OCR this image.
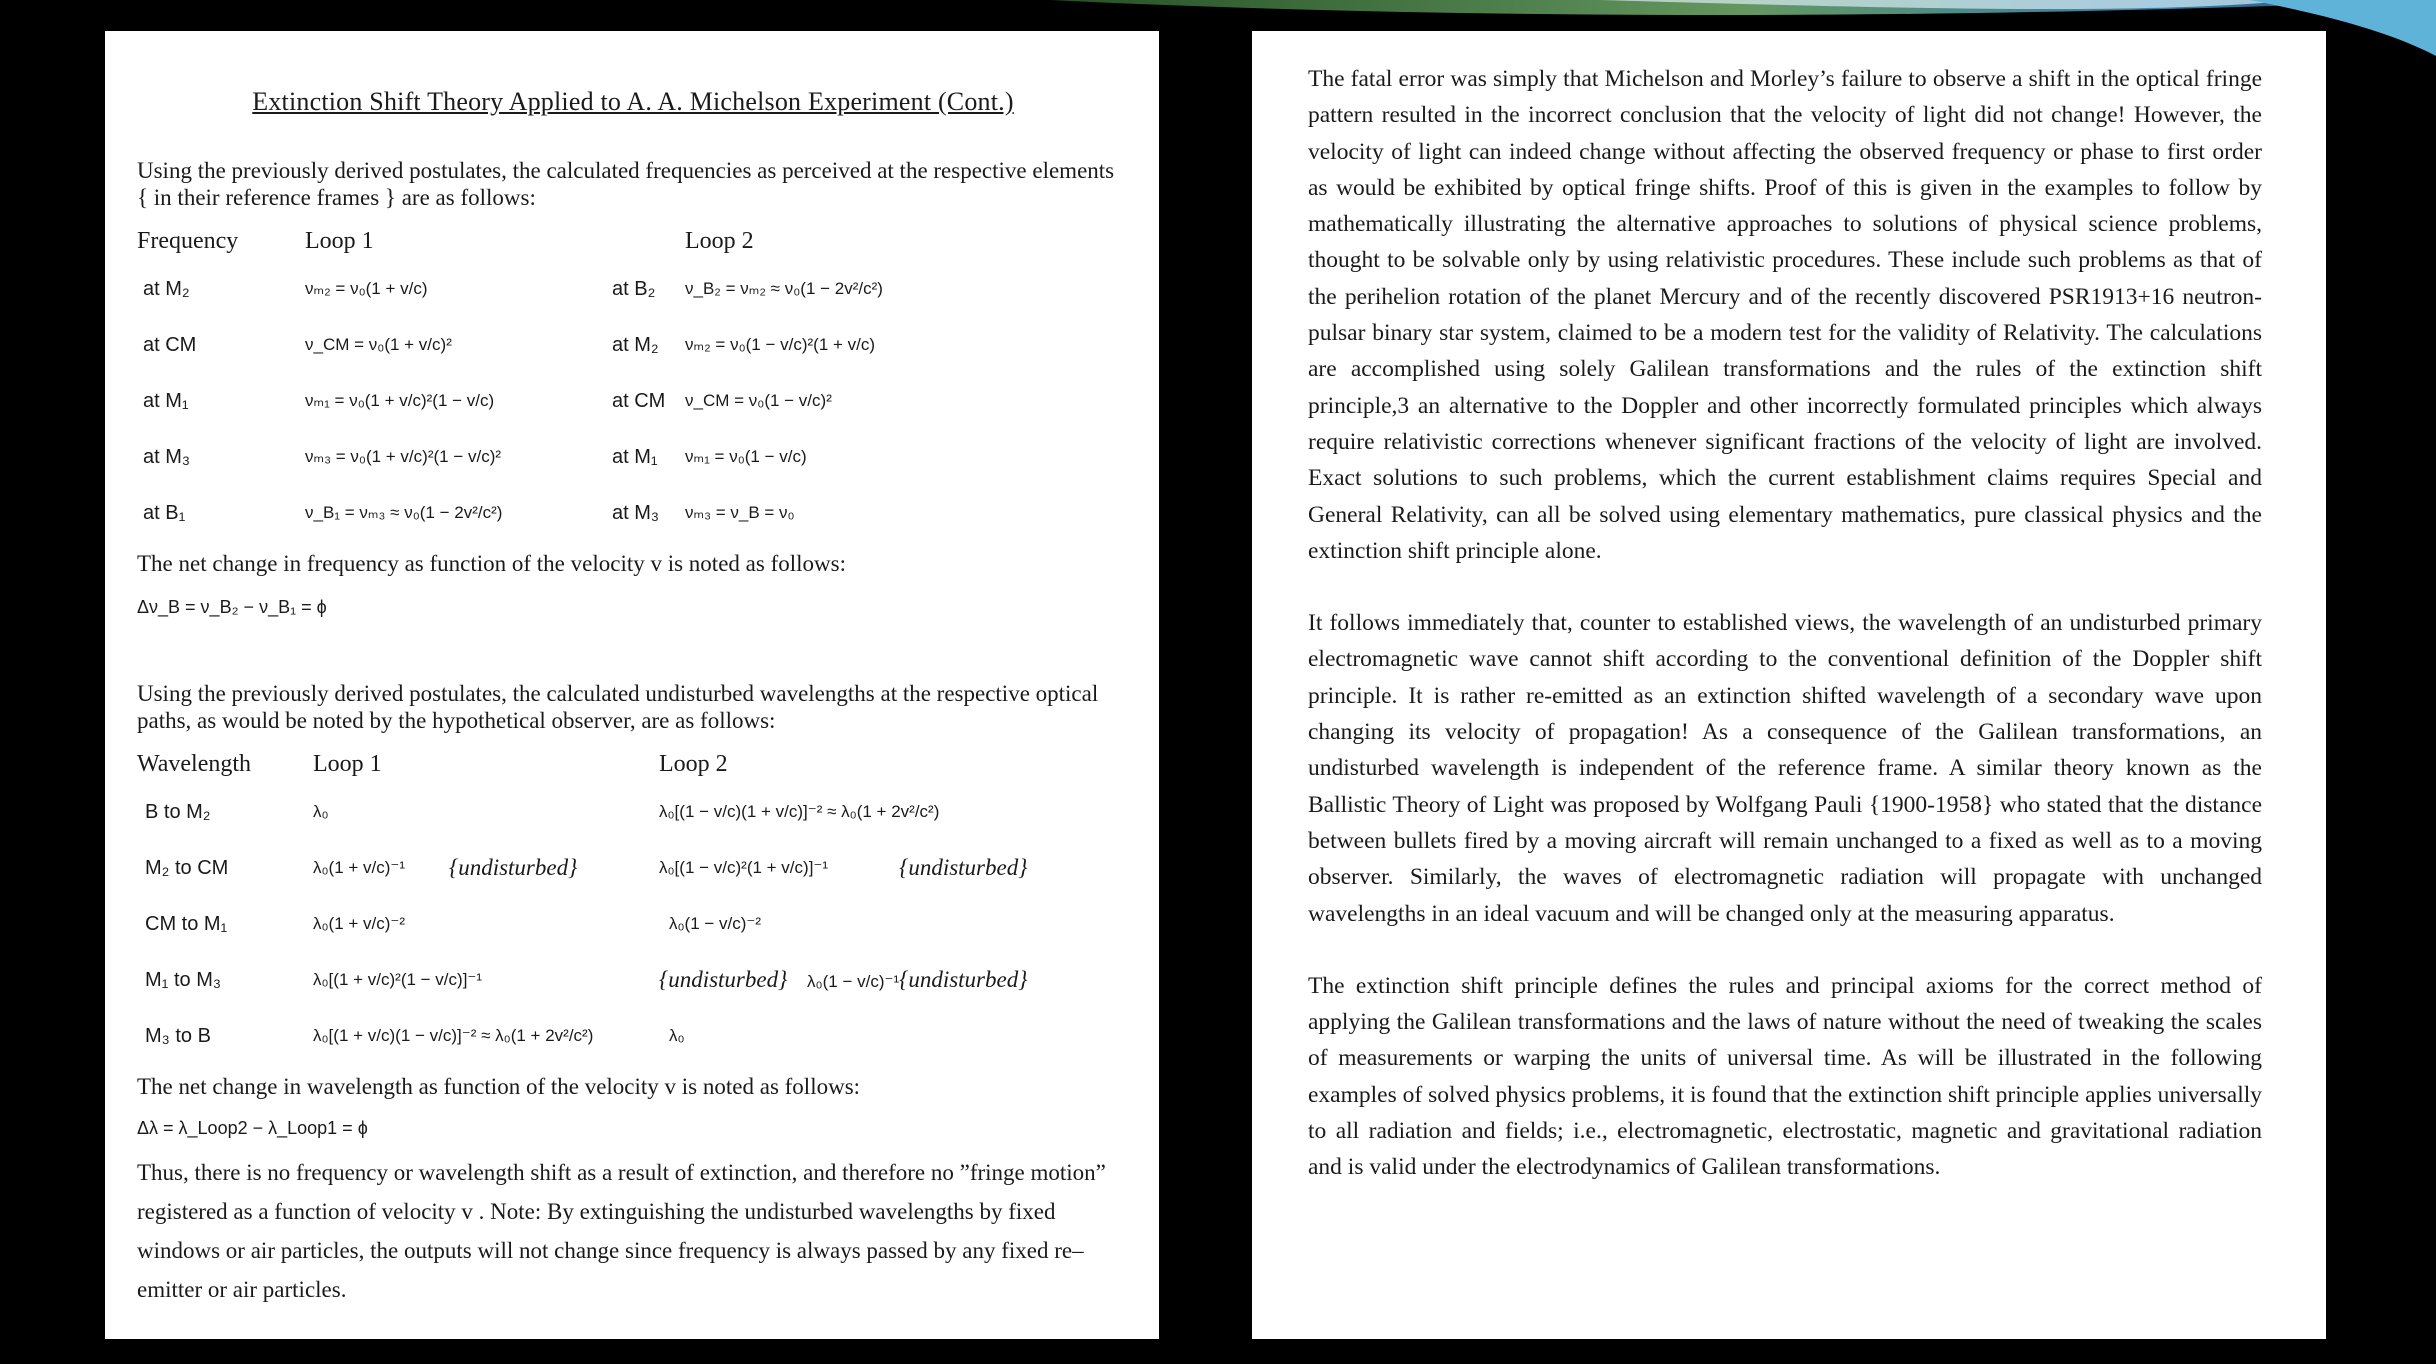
Extinction Shift Theory Applied to A. A. Michelson Experiment (Cont.)

Using the previously derived postulates, the calculated frequencies as perceived at the respective elements { in their reference frames } are as follows:

Frequency	Loop 1		Loop 2
at M₂	νₘ₂ = ν₀(1 + v/c)	at B₂	ν_B₂ = νₘ₂ ≈ ν₀(1 − 2v²/c²)
at CM	ν_CM = ν₀(1 + v/c)²	at M₂	νₘ₂ = ν₀(1 − v/c)²(1 + v/c)
at M₁	νₘ₁ = ν₀(1 + v/c)²(1 − v/c)	at CM	ν_CM = ν₀(1 − v/c)²
at M₃	νₘ₃ = ν₀(1 + v/c)²(1 − v/c)²	at M₁	νₘ₁ = ν₀(1 − v/c)
at B₁	ν_B₁ = νₘ₃ ≈ ν₀(1 − 2v²/c²)	at M₃	νₘ₃ = ν_B = ν₀
The net change in frequency as function of the velocity v is noted as follows:
Δν_B = ν_B₂ − ν_B₁ = ϕ

Using the previously derived postulates, the calculated undisturbed wavelengths at the respective optical paths, as would be noted by the hypothetical observer, are as follows:

Wavelength	Loop 1		Loop 2	
B to M₂	λ₀		λ₀[(1 − v/c)(1 + v/c)]⁻² ≈ λ₀(1 + 2v²/c²)	
M₂ to CM	λ₀(1 + v/c)⁻¹	{undisturbed}	λ₀[(1 − v/c)²(1 + v/c)]⁻¹	{undisturbed}
CM to M₁	λ₀(1 + v/c)⁻²		λ₀(1 − v/c)⁻²	
M₁ to M₃	λ₀[(1 + v/c)²(1 − v/c)]⁻¹		{undisturbed} λ₀(1 − v/c)⁻¹	{undisturbed}
M₃ to B	λ₀[(1 + v/c)(1 − v/c)]⁻² ≈ λ₀(1 + 2v²/c²)		λ₀	
The net change in wavelength as function of the velocity v is noted as follows:
Δλ = λ_Loop2 − λ_Loop1 = ϕ

Thus, there is no frequency or wavelength shift as a result of extinction, and therefore no ”fringe motion” registered as a function of velocity v . Note: By extinguishing the undisturbed wavelengths by fixed windows or air particles, the outputs will not change since frequency is always passed by any fixed re–emitter or air particles.

The fatal error was simply that Michelson and Morley’s failure to observe a shift in the optical fringe pattern resulted in the incorrect conclusion that the velocity of light did not change! However, the velocity of light can indeed change without affecting the observed frequency or phase to first order as would be exhibited by optical fringe shifts. Proof of this is given in the examples to follow by mathematically illustrating the alternative approaches to solutions of physical science problems, thought to be solvable only by using relativistic procedures. These include such problems as that of the perihelion rotation of the planet Mercury and of the recently discovered PSR1913+16 neutron-pulsar binary star system, claimed to be a modern test for the validity of Relativity. The calculations are accomplished using solely Galilean transformations and the rules of the extinction shift principle,3 an alternative to the Doppler and other incorrectly formulated principles which always require relativistic corrections whenever significant fractions of the velocity of light are involved. Exact solutions to such problems, which the current establishment claims requires Special and General Relativity, can all be solved using elementary mathematics, pure classical physics and the extinction shift principle alone.

It follows immediately that, counter to established views, the wavelength of an undisturbed primary electromagnetic wave cannot shift according to the conventional definition of the Doppler shift principle. It is rather re-emitted as an extinction shifted wavelength of a secondary wave upon changing its velocity of propagation! As a consequence of the Galilean transformations, an undisturbed wavelength is independent of the reference frame. A similar theory known as the Ballistic Theory of Light was proposed by Wolfgang Pauli {1900-1958} who stated that the distance between bullets fired by a moving aircraft will remain unchanged to a fixed as well as to a moving observer. Similarly, the waves of electromagnetic radiation will propagate with unchanged wavelengths in an ideal vacuum and will be changed only at the measuring apparatus.

The extinction shift principle defines the rules and principal axioms for the correct method of applying the Galilean transformations and the laws of nature without the need of tweaking the scales of measurements or warping the units of universal time. As will be illustrated in the following examples of solved physics problems, it is found that the extinction shift principle applies universally to all radiation and fields; i.e., electromagnetic, electrostatic, magnetic and gravitational radiation and is valid under the electrodynamics of Galilean transformations.
